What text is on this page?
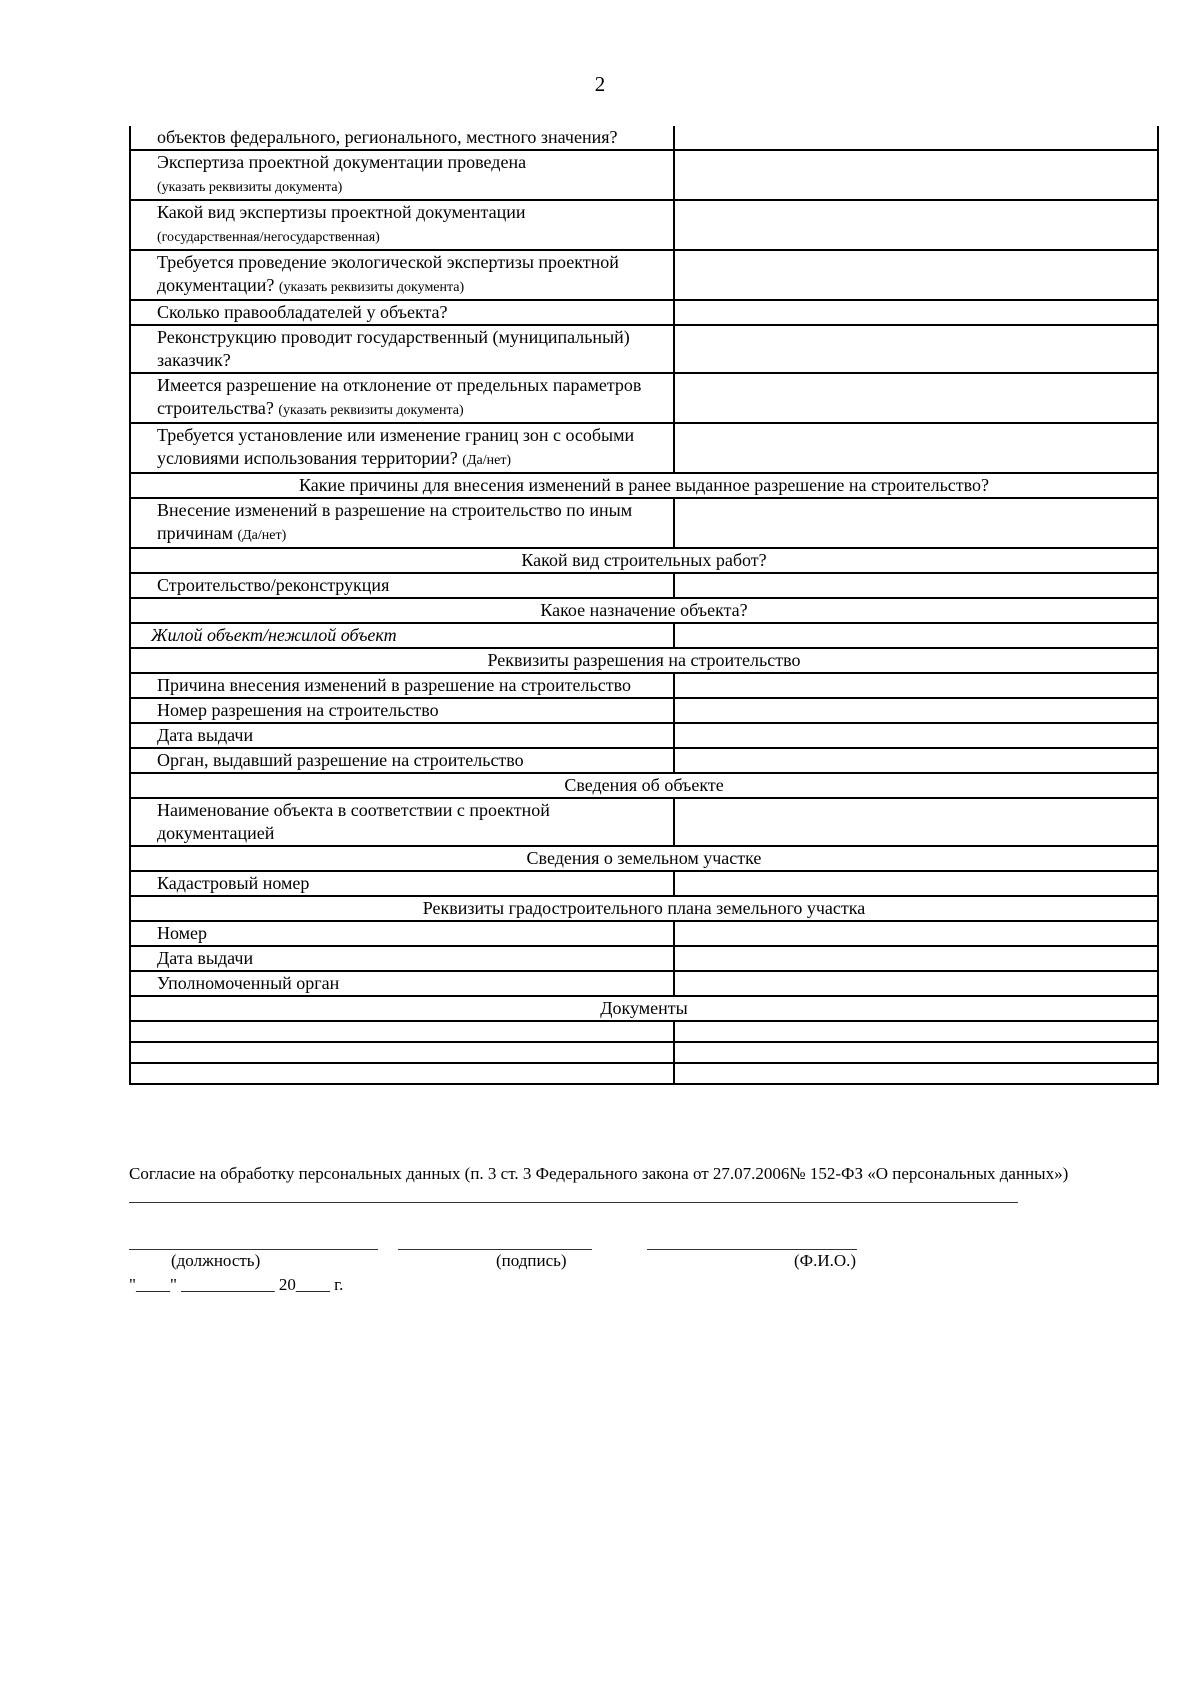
2
объектов федерального, регионального, местного значения?	
Экспертиза проектной документации проведена
(указать реквизиты документа)	
Какой вид экспертизы проектной документации
(государственная/негосударственная)	
Требуется проведение экологической экспертизы проектной документации? (указать реквизиты документа)	
Сколько правообладателей у объекта?	
Реконструкцию проводит государственный (муниципальный) заказчик?	
Имеется разрешение на отклонение от предельных параметров строительства? (указать реквизиты документа)	
Требуется установление или изменение границ зон с особыми условиями использования территории? (Да/нет)	
Какие причины для внесения изменений в ранее выданное разрешение на строительство?	
Внесение изменений в разрешение на строительство по иным причинам (Да/нет)	
Какой вид строительных работ?	
Строительство/реконструкция	
Какое назначение объекта?	
Жилой объект/нежилой объект	
Реквизиты разрешения на строительство	
Причина внесения изменений в разрешение на строительство	
Номер разрешения на строительство	
Дата выдачи	
Орган, выдавший разрешение на строительство	
Сведения об объекте	
Наименование объекта в соответствии с проектной документацией	
Сведения о земельном участке	
Кадастровый номер	
Реквизиты градостроительного плана земельного участка	
Номер	
Дата выдачи	
Уполномоченный орган	
Документы	

Согласие на обработку персональных данных (п. 3 ст. 3 Федерального закона от 27.07.2006№ 152-ФЗ «О персональных данных»)
(должность)	(подпись)	(Ф.И.О.)
"____" ___________ 20____ г.
